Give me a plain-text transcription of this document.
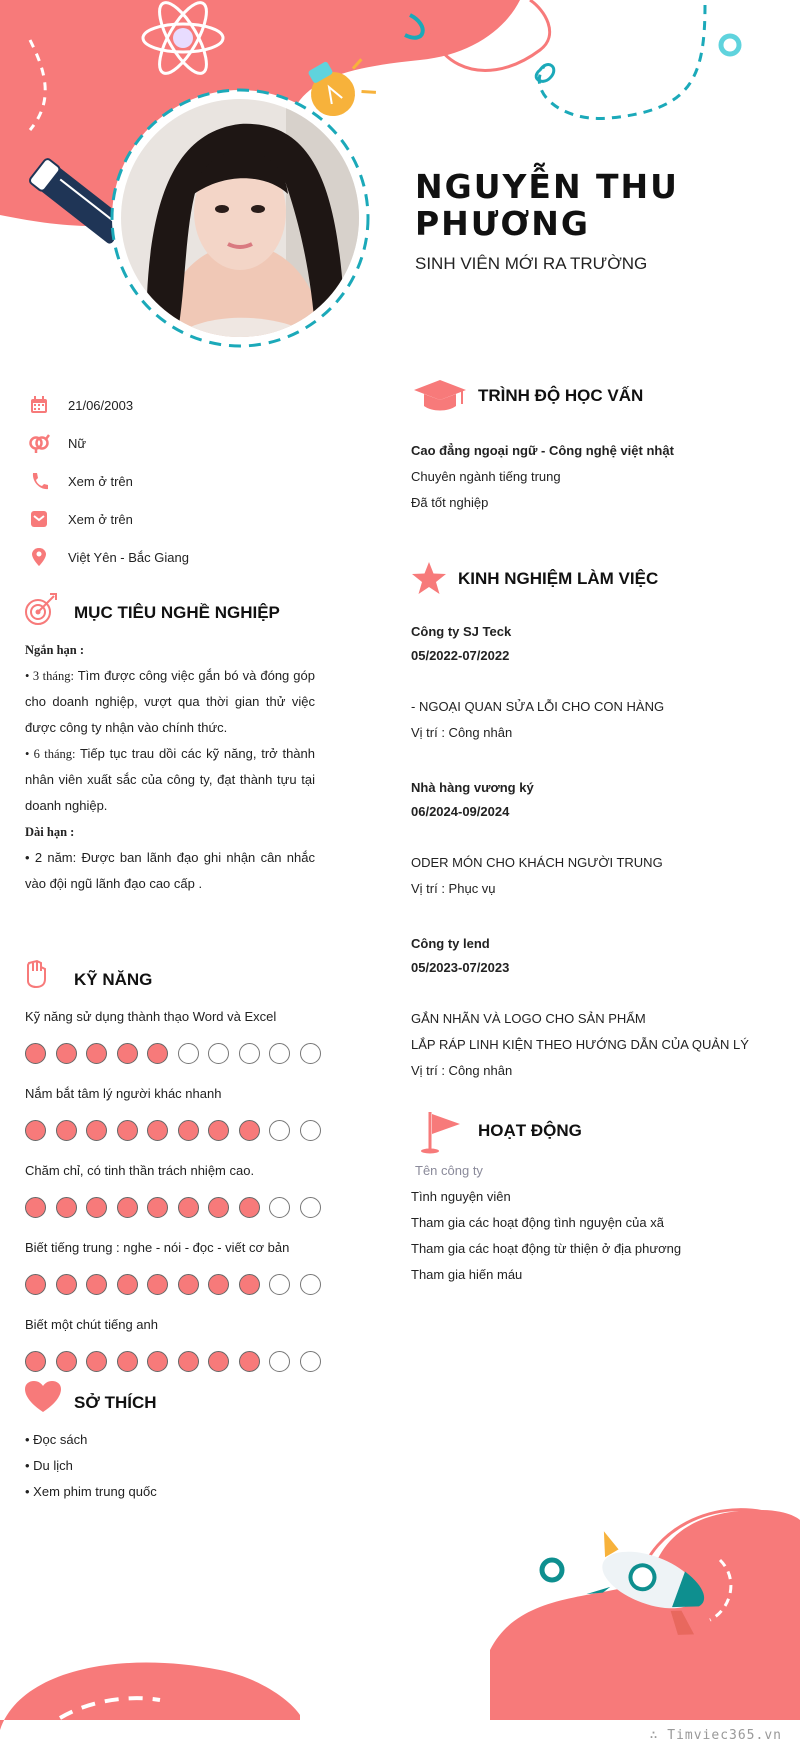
NGUYỄN THU
PHƯƠNG
SINH VIÊN MỚI RA TRƯỜNG
21/06/2003
Nữ
Xem ở trên
Xem ở trên
Việt Yên - Bắc Giang
MỤC TIÊU NGHỀ NGHIỆP
Ngắn hạn :
• 3 tháng: Tìm được công việc gắn bó và đóng góp cho doanh nghiệp, vượt qua thời gian thử việc được công ty nhận vào chính thức.
• 6 tháng: Tiếp tục trau dồi các kỹ năng, trở thành nhân viên xuất sắc của công ty, đạt thành tựu tại doanh nghiệp.
Dài hạn :
• 2 năm: Được ban lãnh đạo ghi nhận cân nhắc vào đội ngũ lãnh đạo cao cấp .
KỸ NĂNG
Kỹ năng sử dụng thành thạo Word và Excel
Nắm bắt tâm lý người khác nhanh
Chăm chỉ, có tinh thần trách nhiệm cao.
Biết tiếng trung : nghe - nói - đọc - viết cơ bản
Biết một chút tiếng anh
SỞ THÍCH
• Đọc sách
• Du lịch
• Xem phim trung quốc
TRÌNH ĐỘ HỌC VẤN
Cao đẳng ngoại ngữ - Công nghệ việt nhật
Chuyên ngành tiếng trung
Đã tốt nghiệp
KINH NGHIỆM LÀM VIỆC
Công ty SJ Teck
05/2022-07/2022
- NGOẠI QUAN SỬA LỖI CHO CON HÀNG
Vị trí : Công nhân
Nhà hàng vương ký
06/2024-09/2024
ODER MÓN CHO KHÁCH NGƯỜI TRUNG
Vị trí : Phục vụ
Công ty lend
05/2023-07/2023
GẮN NHÃN VÀ LOGO CHO SẢN PHẨM
LẮP RÁP LINH KIỆN THEO HƯỚNG DẪN CỦA QUẢN LÝ
Vị trí : Công nhân
HOẠT ĐỘNG
Tên công ty
Tình nguyện viên
Tham gia các hoạt động tình nguyện của xã
Tham gia các hoạt động từ thiện ở địa phương
Tham gia hiến máu
∴ Timviec365.vn
